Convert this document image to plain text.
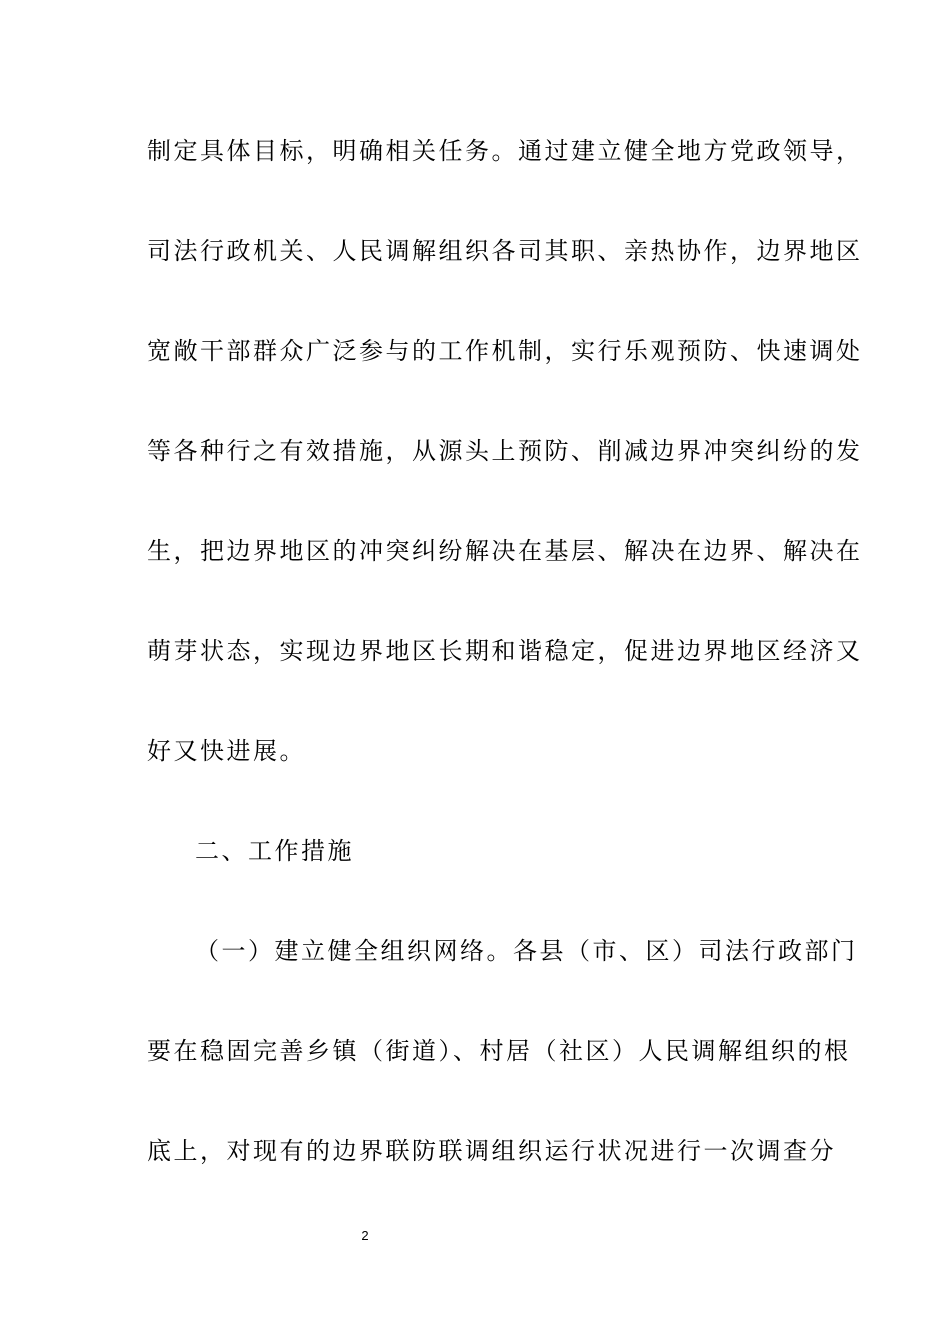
制定具体目标，明确相关任务。通过建立健全地方党政领导，
司法行政机关、人民调解组织各司其职、亲热协作，边界地区
宽敞干部群众广泛参与的工作机制，实行乐观预防、快速调处
等各种行之有效措施，从源头上预防、削减边界冲突纠纷的发
生，把边界地区的冲突纠纷解决在基层、解决在边界、解决在
萌芽状态，实现边界地区长期和谐稳定，促进边界地区经济又
好又快进展。
二、工作措施
（一）建立健全组织网络。各县（市、区）司法行政部门
要在稳固完善乡镇（街道）、村居（社区）人民调解组织的根
底上，对现有的边界联防联调组织运行状况进行一次调查分
2
